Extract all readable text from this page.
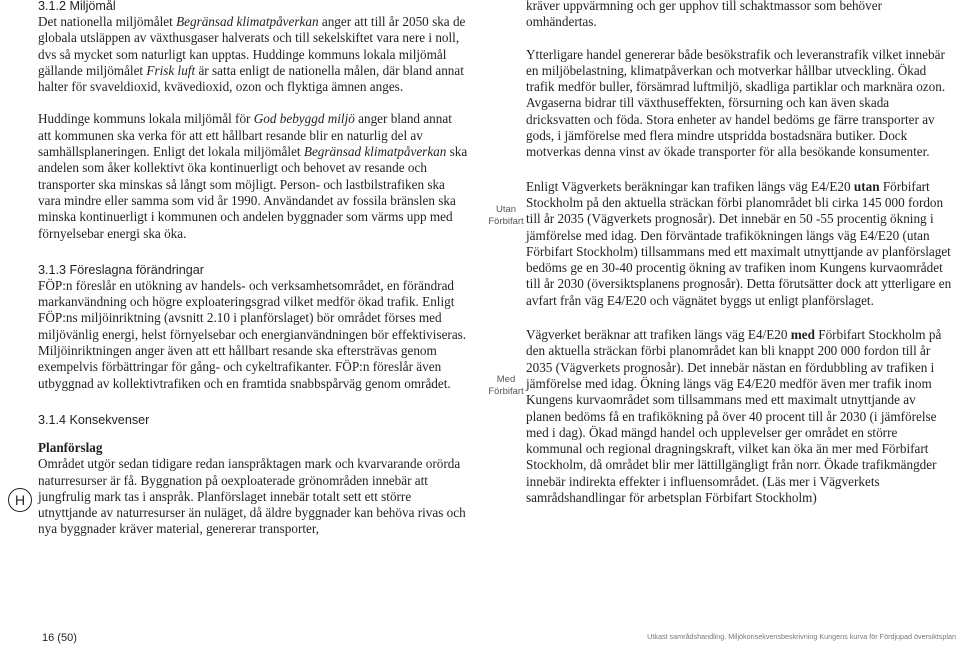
3.1.2 Miljömål

Det nationella miljömålet Begränsad klimatpåverkan anger att till år 2050 ska de globala utsläppen av växthusgaser halverats och till sekelskiftet vara nere i noll, dvs så mycket som naturligt kan upptas. Huddinge kommuns lokala miljömål gällande miljömålet Frisk luft är satta enligt de nationella målen, där bland annat halter för svaveldioxid, kvävedioxid, ozon och flyktiga ämnen anges.

Huddinge kommuns lokala miljömål för God bebyggd miljö anger bland annat att kommunen ska verka för att ett hållbart resande blir en naturlig del av samhällsplaneringen. Enligt det lokala miljömålet Begränsad klimatpåverkan ska andelen som åker kollektivt öka kontinuerligt och behovet av resande och transporter ska minskas så långt som möjligt. Person- och lastbilstrafiken ska vara mindre eller samma som vid år 1990. Användandet av fossila bränslen ska minska kontinuerligt i kommunen och andelen byggnader som värms upp med förnyelsebar energi ska öka.

3.1.3 Föreslagna förändringar

FÖP:n föreslår en utökning av handels- och verksamhetsområdet, en förändrad markanvändning och högre exploateringsgrad vilket medför ökad trafik. Enligt FÖP:ns miljöinriktning (avsnitt 2.10 i planförslaget) bör området förses med miljövänlig energi, helst förnyelsebar och energianvändningen bör effektiviseras. Miljöinriktningen anger även att ett hållbart resande ska eftersträvas genom exempelvis förbättringar för gång- och cykeltrafikanter. FÖP:n föreslår även utbyggnad av kollektivtrafiken och en framtida snabbspårväg genom området.

3.1.4 Konsekvenser

Planförslag

Området utgör sedan tidigare redan ianspråktagen mark och kvarvarande orörda naturresurser är få. Byggnation på oexploaterade grönområden innebär att jungfrulig mark tas i anspråk. Planförslaget innebär totalt sett ett större utnyttjande av naturresurser än nuläget, då äldre byggnader kan behöva rivas och nya byggnader kräver material, genererar transporter,

H

kräver uppvärmning och ger upphov till schaktmassor som behöver omhändertas.

Ytterligare handel genererar både besökstrafik och leveranstrafik vilket innebär en miljöbelastning, klimatpåverkan och motverkar hållbar utveckling. Ökad trafik medför buller, försämrad luftmiljö, skadliga partiklar och marknära ozon. Avgaserna bidrar till växthuseffekten, försurning och kan även skada dricksvatten och föda. Stora enheter av handel bedöms ge färre transporter av gods, i jämförelse med flera mindre utspridda bostadsnära butiker. Dock motverkas denna vinst av ökade transporter för alla besökande konsumenter.

Enligt Vägverkets beräkningar kan trafiken längs väg E4/E20 utan Förbifart Stockholm på den aktuella sträckan förbi planområdet bli cirka 145 000 fordon till år 2035 (Vägverkets prognosår). Det innebär en 50 -55 procentig ökning i jämförelse med idag. Den förväntade trafikökningen längs väg E4/E20 (utan Förbifart Stockholm) tillsammans med ett maximalt utnyttjande av planförslaget bedöms ge en 30-40 procentig ökning av trafiken inom Kungens kurvaområdet till år 2030 (översiktsplanens prognosår). Detta förutsätter dock att ytterligare en avfart från väg E4/E20 och vägnätet byggs ut enligt planförslaget.

Vägverket beräknar att trafiken längs väg E4/E20 med Förbifart Stockholm på den aktuella sträckan förbi planområdet kan bli knappt 200 000 fordon till år 2035 (Vägverkets prognosår). Det innebär nästan en fördubbling av trafiken i jämförelse med idag. Ökning längs väg E4/E20 medför även mer trafik inom Kungens kurvaområdet som tillsammans med ett maximalt utnyttjande av planen bedöms få en trafikökning på över 40 procent till år 2030 (i jämförelse med i dag). Ökad mängd handel och upplevelser ger området en större kommunal och regional dragningskraft, vilket kan öka än mer med Förbifart Stockholm, då området blir mer lättillgängligt från norr. Ökade trafikmängder innebär indirekta effekter i influensområdet. (Läs mer i Vägverkets samrådshandlingar för arbetsplan Förbifart Stockholm)

Utan Förbifart
Med Förbifart
16 (50)	Utkast samrådshandling. Miljökonsekvensbeskrivning Kungens kurva för Fördjupad översiktsplan
